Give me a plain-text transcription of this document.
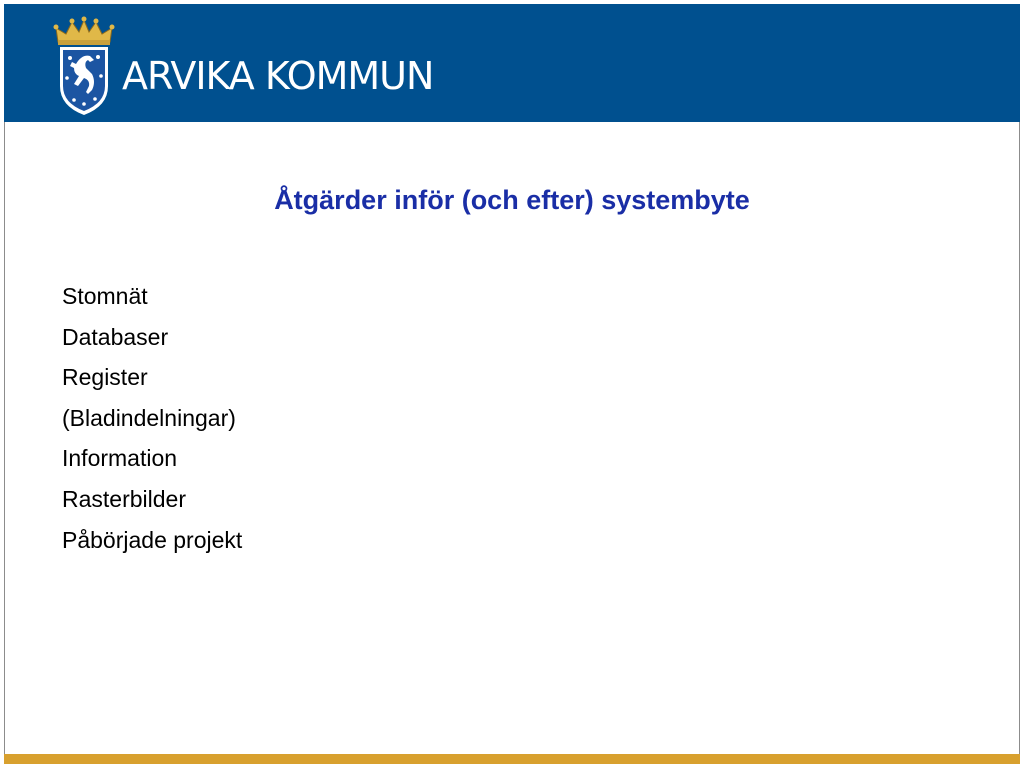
ARVIKA KOMMUN
Åtgärder inför (och efter) systembyte
Stomnät
Databaser
Register
(Bladindelningar)
Information
Rasterbilder
Påbörjade projekt
